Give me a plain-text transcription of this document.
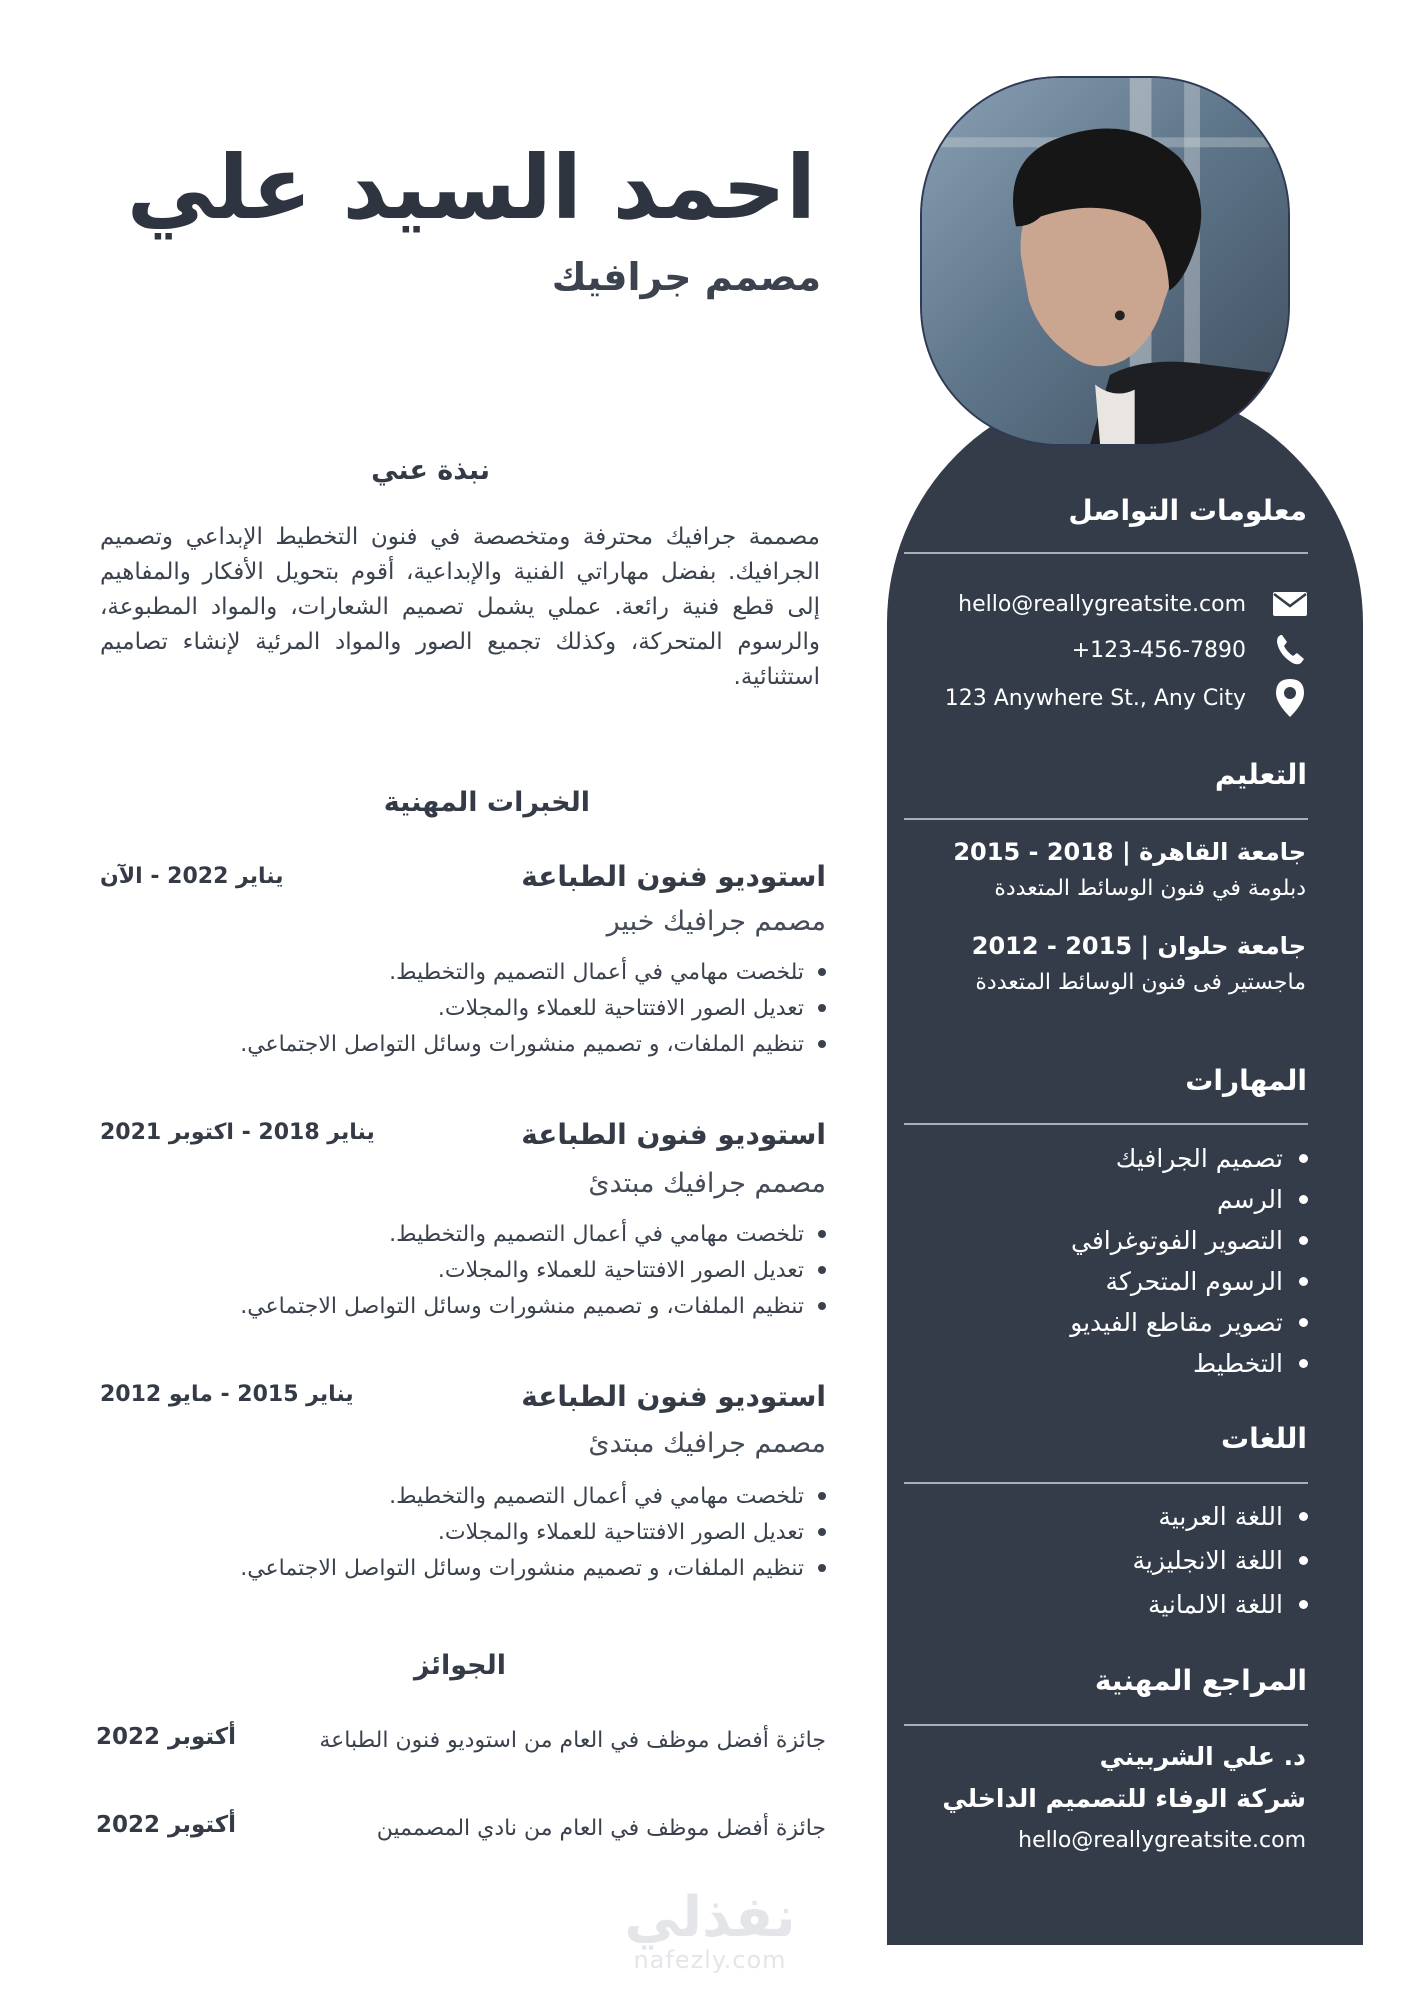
معلومات التواصل
hello@reallygreatsite.com
+123-456-7890
123 Anywhere St., Any City
التعليم
جامعة القاهرة | 2015 - 2018
دبلومة في فنون الوسائط المتعددة
جامعة حلوان | 2012 - 2015
ماجستير فى فنون الوسائط المتعددة
المهارات
تصميم الجرافيك
الرسم
التصوير الفوتوغرافي
الرسوم المتحركة
تصوير مقاطع الفيديو
التخطيط
اللغات
اللغة العربية
اللغة الانجليزية
اللغة الالمانية
المراجع المهنية
د. علي الشربيني
شركة الوفاء للتصميم الداخلي
hello@reallygreatsite.com
احمد السيد علي
مصمم جرافيك
نبذة عني

مصممة جرافيك محترفة ومتخصصة في فنون التخطيط الإبداعي وتصميم الجرافيك. بفضل مهاراتي الفنية والإبداعية، أقوم بتحويل الأفكار والمفاهيم إلى قطع فنية رائعة. عملي يشمل تصميم الشعارات، والمواد المطبوعة، والرسوم المتحركة، وكذلك تجميع الصور والمواد المرئية لإنشاء تصاميم استثنائية.

الخبرات المهنية
استوديو فنون الطباعة
يناير 2022 - الآن
مصمم جرافيك خبير
تلخصت مهامي في أعمال التصميم والتخطيط.
تعديل الصور الافتتاحية للعملاء والمجلات.
تنظيم الملفات، و تصميم منشورات وسائل التواصل الاجتماعي.
استوديو فنون الطباعة
يناير 2018 - اكتوبر 2021
مصمم جرافيك مبتدئ
تلخصت مهامي في أعمال التصميم والتخطيط.
تعديل الصور الافتتاحية للعملاء والمجلات.
تنظيم الملفات، و تصميم منشورات وسائل التواصل الاجتماعي.
استوديو فنون الطباعة
يناير 2015 - مايو 2012
مصمم جرافيك مبتدئ
تلخصت مهامي في أعمال التصميم والتخطيط.
تعديل الصور الافتتاحية للعملاء والمجلات.
تنظيم الملفات، و تصميم منشورات وسائل التواصل الاجتماعي.
الجوائز
جائزة أفضل موظف في العام من استوديو فنون الطباعة
أكتوبر 2022
جائزة أفضل موظف في العام من نادي المصممين
أكتوبر 2022
نفذلي
nafezly.com
